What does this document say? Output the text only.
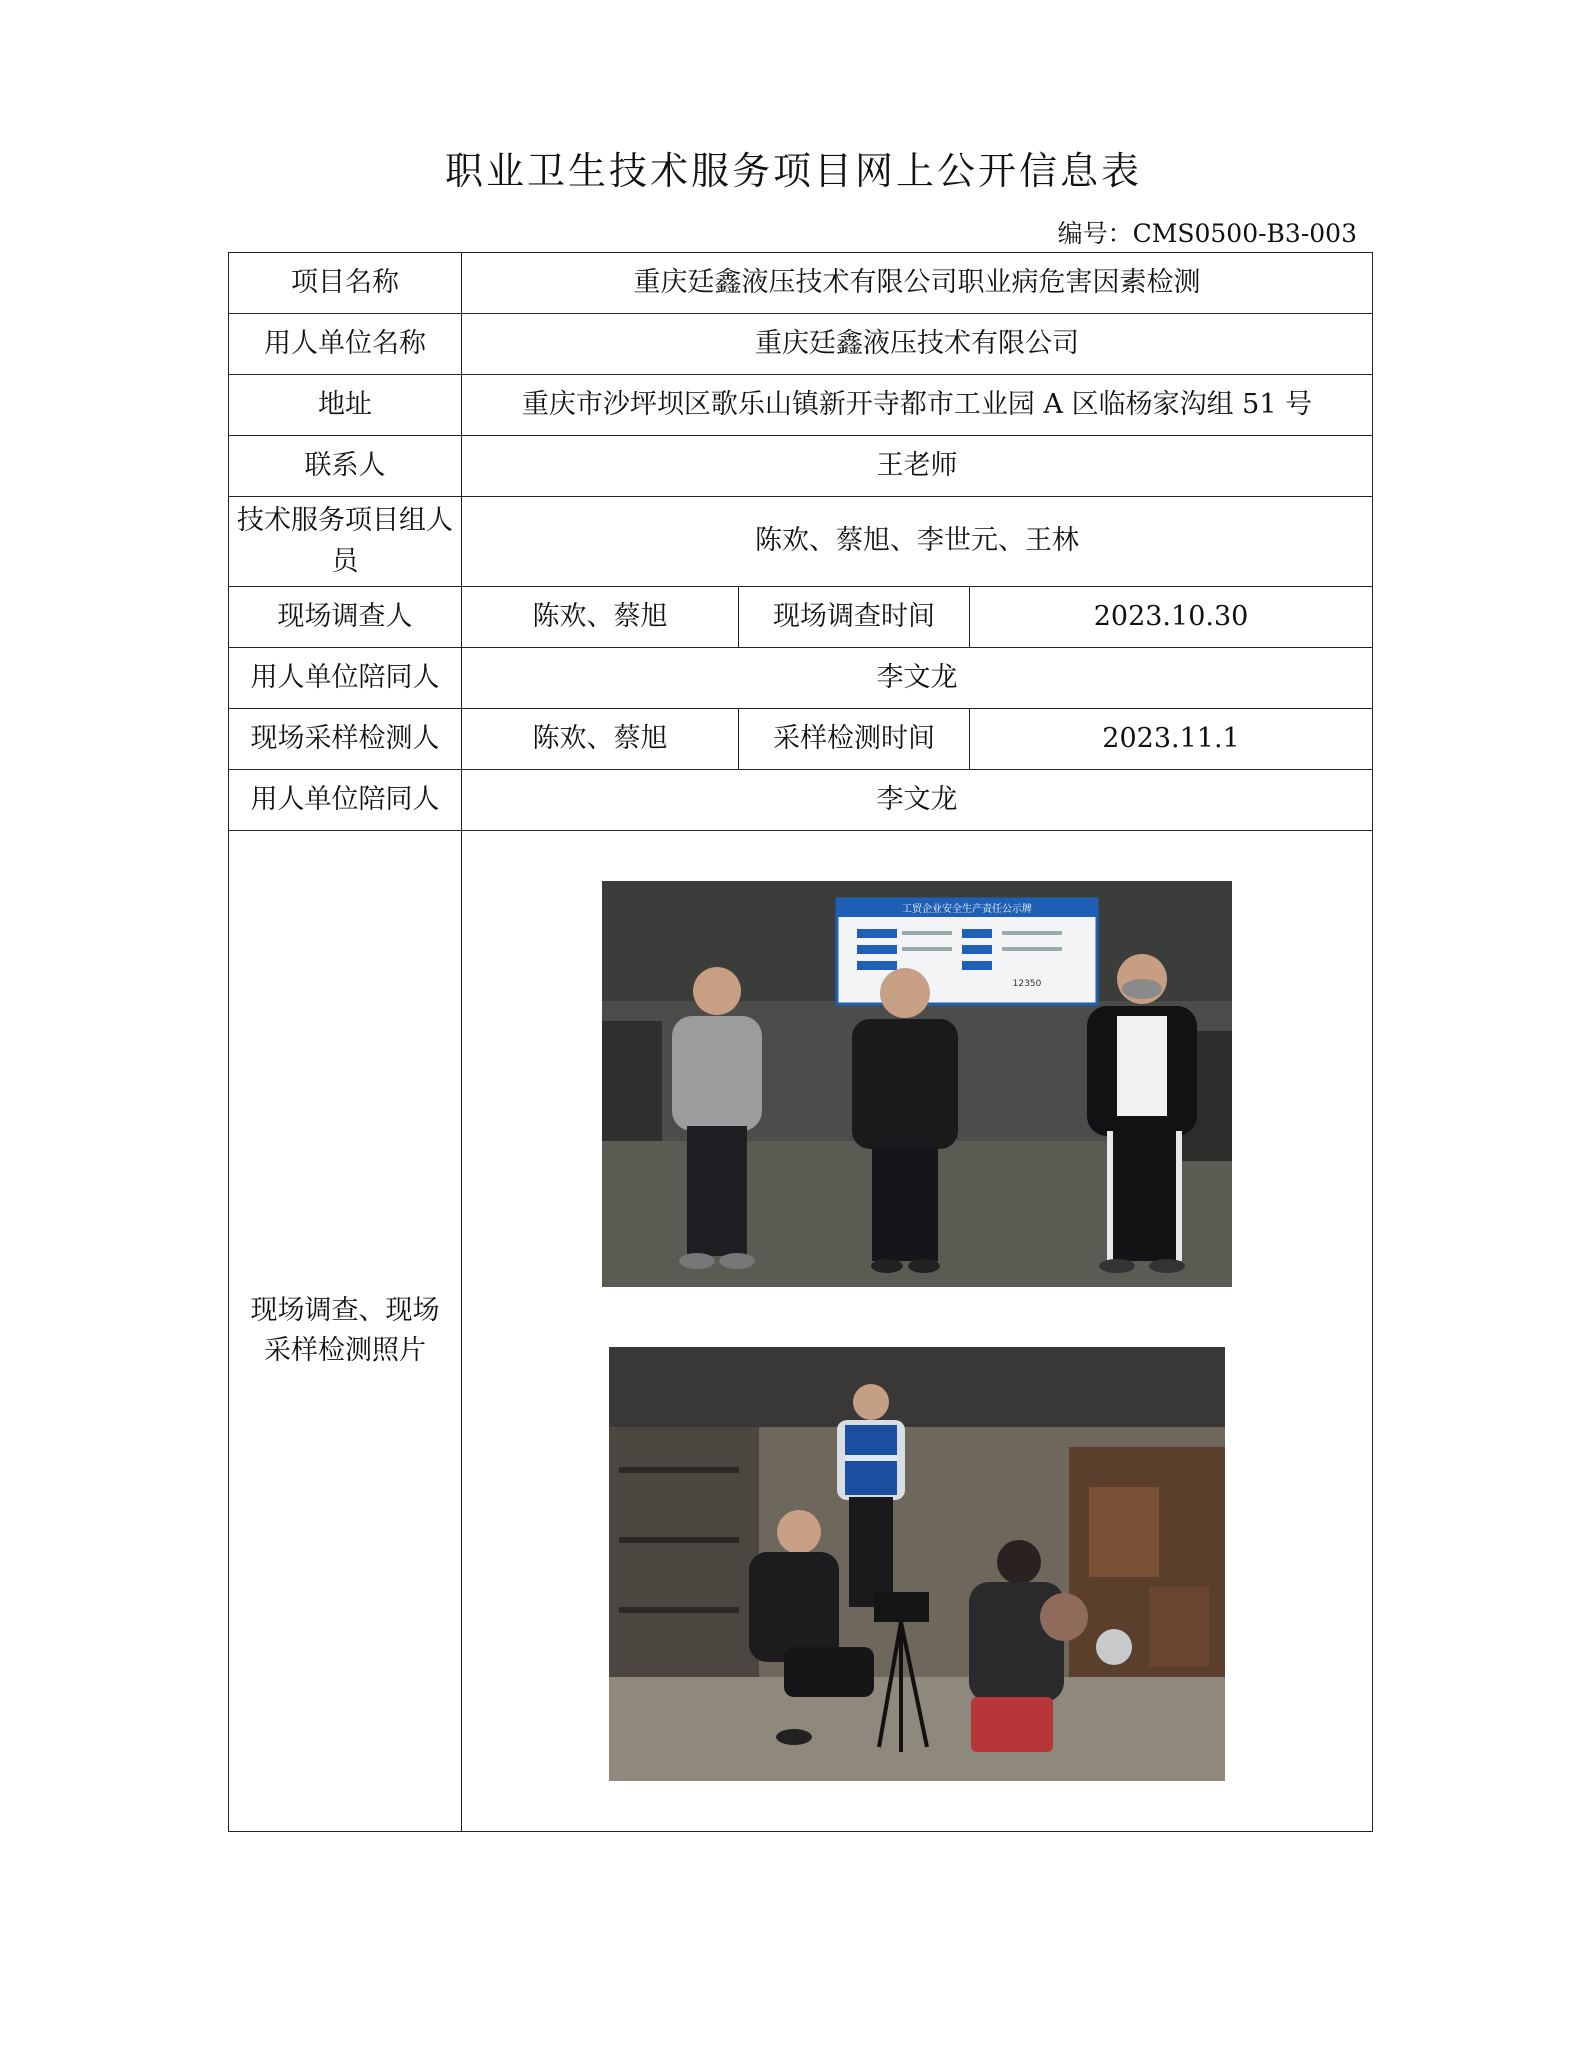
职业卫生技术服务项目网上公开信息表
编号：CMS0500-B3-003
项目名称	重庆廷鑫液压技术有限公司职业病危害因素检测		
用人单位名称	重庆廷鑫液压技术有限公司		
地址	重庆市沙坪坝区歌乐山镇新开寺都市工业园 A 区临杨家沟组 51 号		
联系人	王老师		
技术服务项目组人员	陈欢、蔡旭、李世元、王林		
现场调查人	陈欢、蔡旭	现场调查时间	2023.10.30
用人单位陪同人	李文龙		
现场采样检测人	陈欢、蔡旭	采样检测时间	2023.11.1
用人单位陪同人	李文龙		
现场调查、现场采样检测照片	工贸企业安全生产责任公示牌
12350		
